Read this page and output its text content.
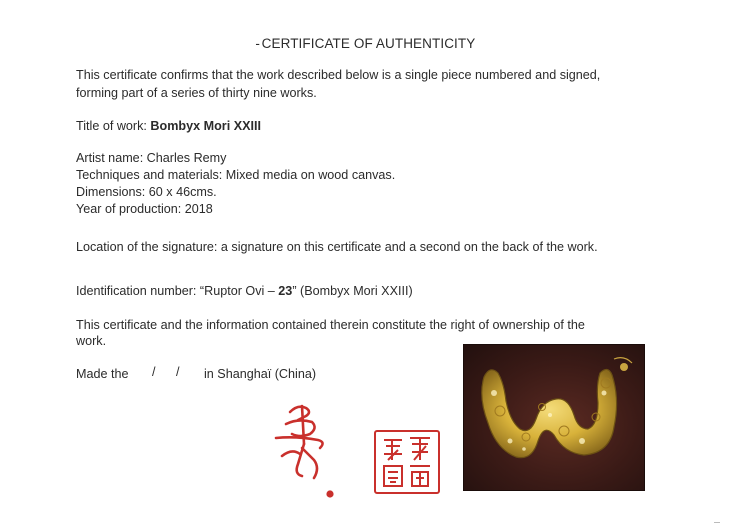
- CERTIFICATE OF AUTHENTICITY
This certificate confirms that the work described below is a single piece numbered and signed,
forming part of a series of thirty nine works.
Title of work: Bombyx Mori XXIII
Artist name: Charles Remy
Techniques and materials: Mixed media on wood canvas.
Dimensions: 60 x 46cms.
Year of production: 2018
Location of the signature: a signature on this certificate and a second on the back of the work.
Identification number: “Ruptor Ovi – 23” (Bombyx Mori XXIII)
This certificate and the information contained therein constitute the right of ownership of the
work.
Made the / / in Shanghaï (China)
